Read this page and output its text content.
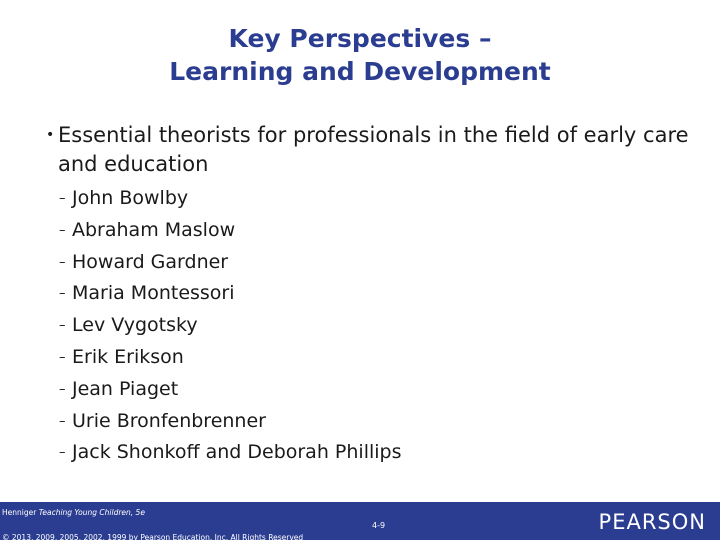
Key Perspectives –
Learning and Development
• Essential theorists for professionals in the field of early care and education
– John Bowlby
– Abraham Maslow
– Howard Gardner
– Maria Montessori
– Lev Vygotsky
– Erik Erikson
– Jean Piaget
– Urie Bronfenbrenner
– Jack Shonkoff and Deborah Phillips
Henniger Teaching Young Children, 5e
© 2013, 2009, 2005, 2002, 1999 by Pearson Education, Inc. All Rights Reserved
4-9	PEARSON
